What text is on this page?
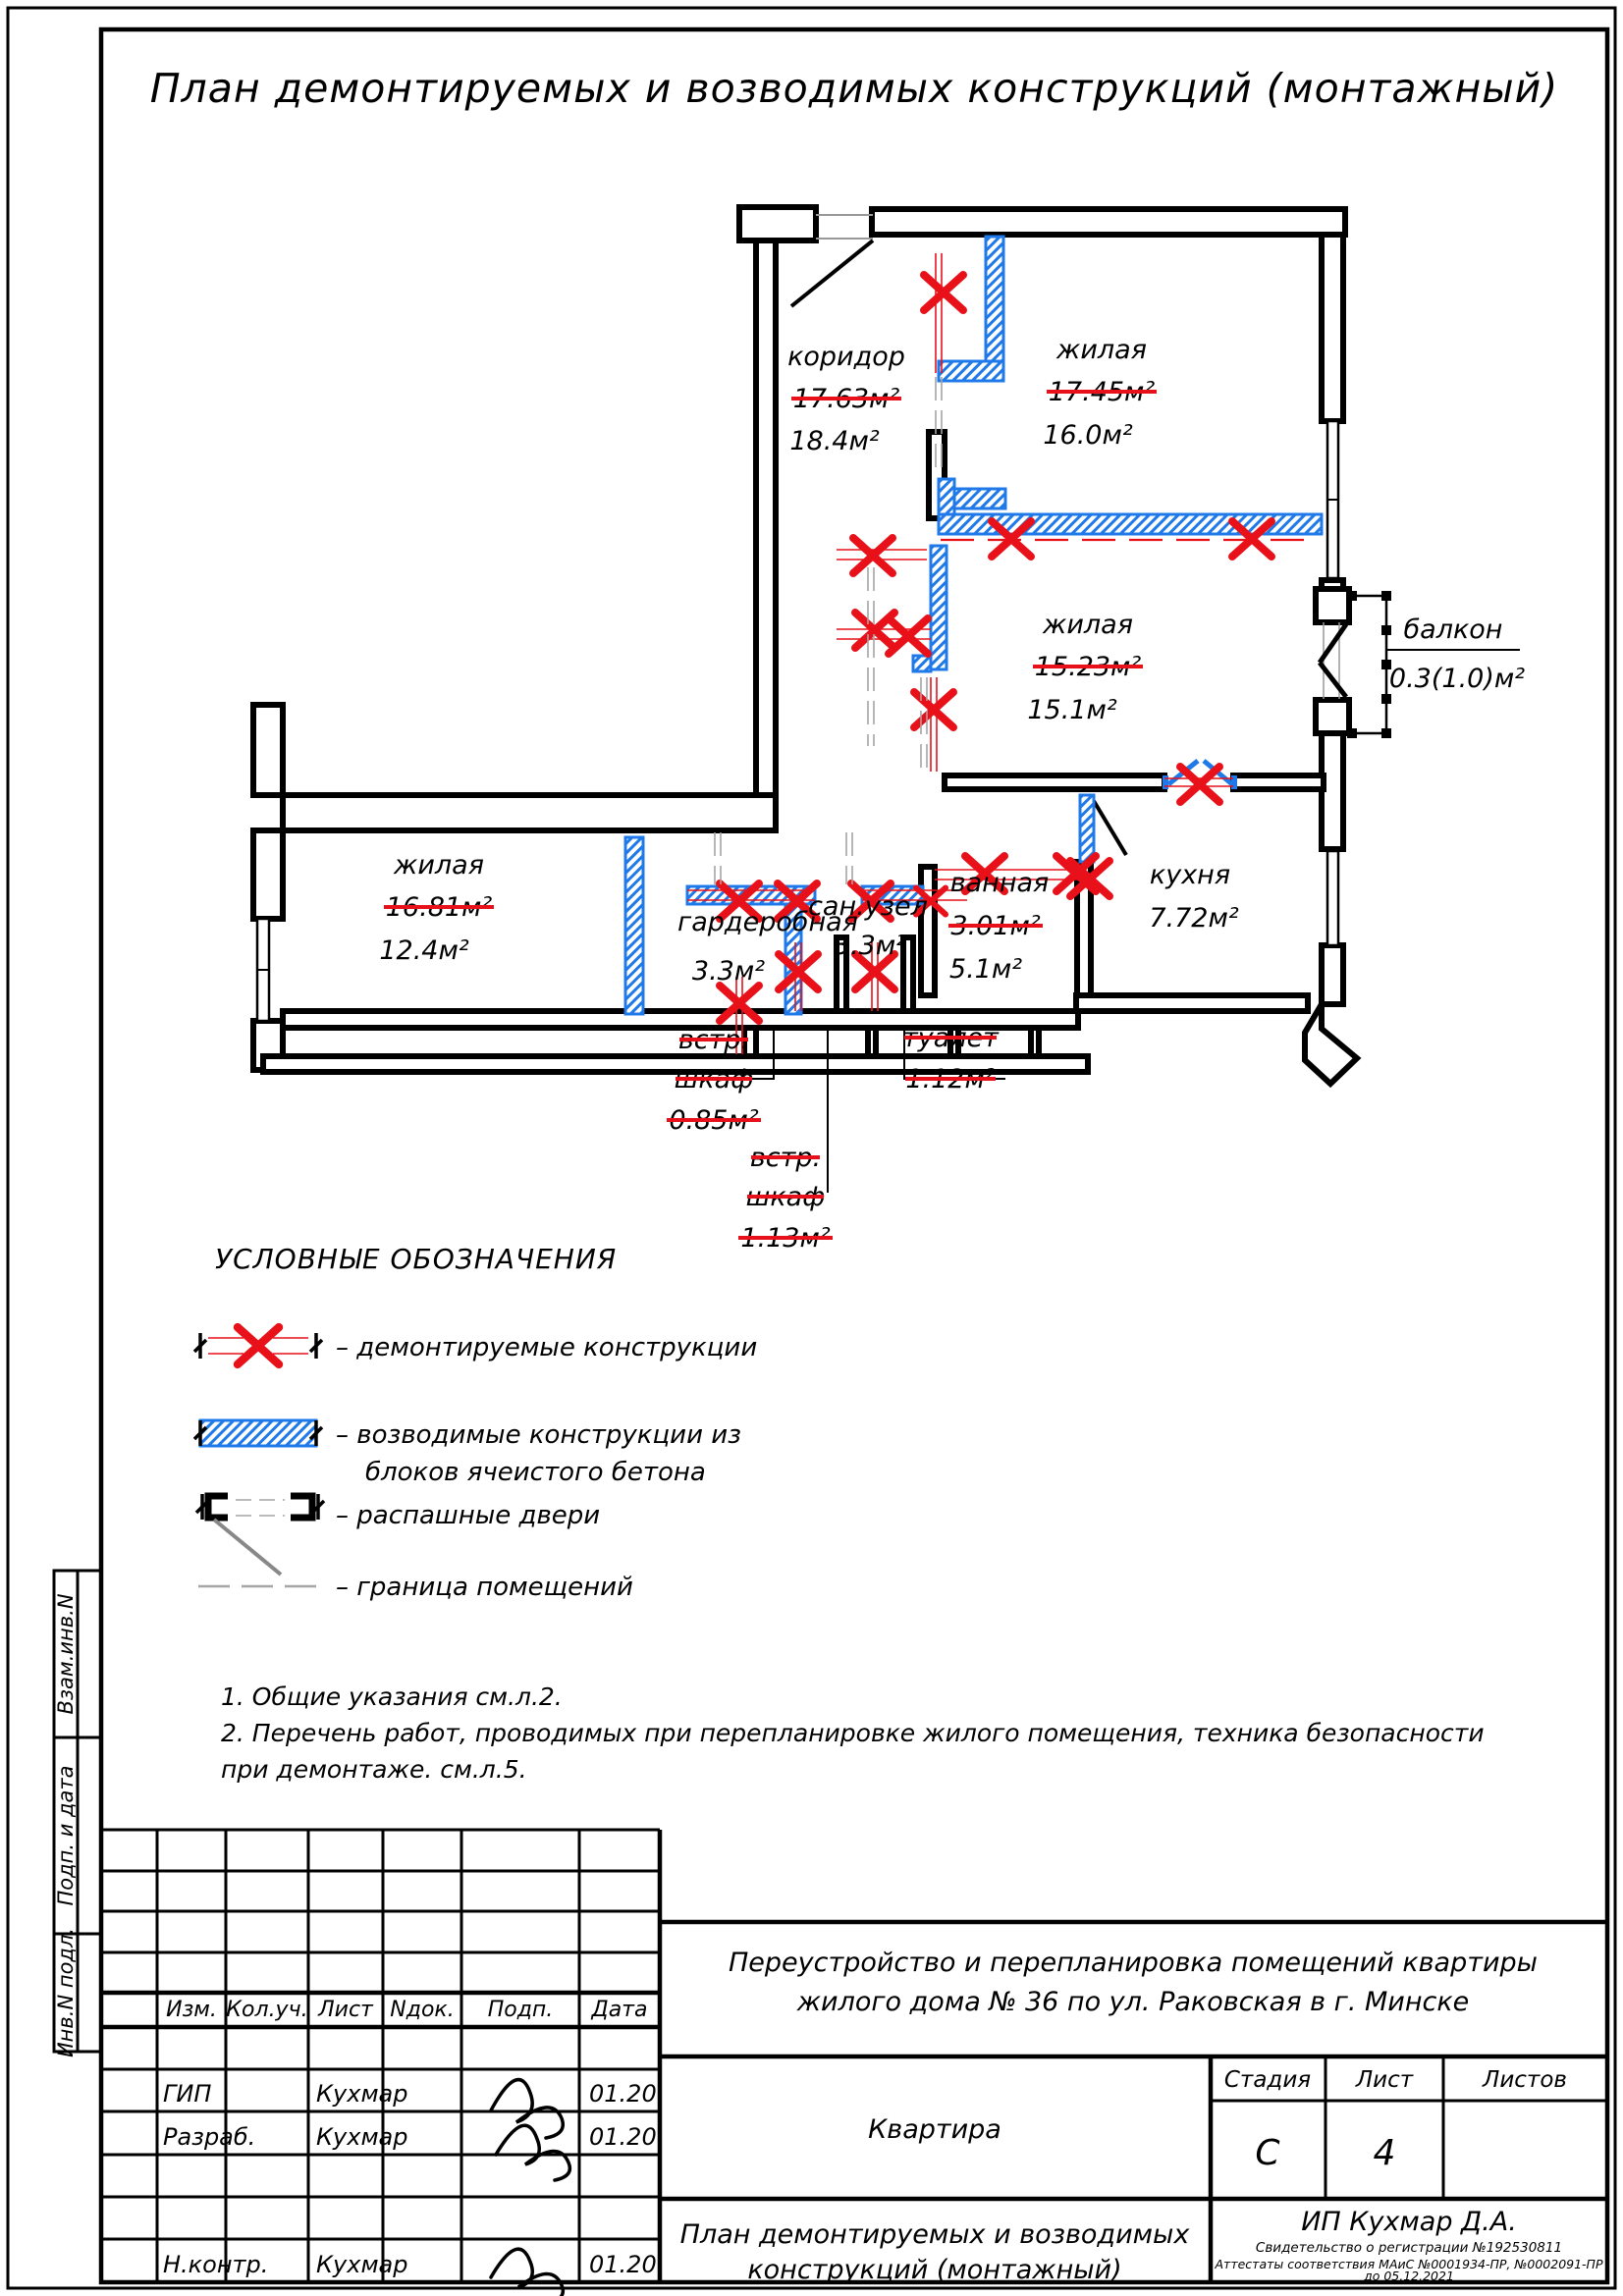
План демонтируемых и возводимых конструкций (монтажный)
коридор
17.63м²
18.4м²
жилая
17.45м²
16.0м²
жилая
15.23м²
15.1м²
балкон
0.3(1.0)м²
жилая
16.81м²
12.4м²
гардеробная
3.3м²
сан.узел
3.3м²
ванная
3.01м²
5.1м²
кухня
7.72м²
встр.
шкаф
0.85м²
туалет
1.12м²
встр.
шкаф
1.13м²
УСЛОВНЫЕ ОБОЗНАЧЕНИЯ
– демонтируемые конструкции
– возводимые конструкции из
блоков ячеистого бетона
– распашные двери
– граница помещений
1. Общие указания см.л.2.
2. Перечень работ, проводимых при перепланировке жилого помещения, техника безопасности
при демонтаже. см.л.5.
Изм. Кол.уч. Лист Nдок. Подп. Дата
ГИП	Кухмар	01.20
Разраб.	Кухмар	01.20
Н.контр. Кухмар	01.20
Переустройство и перепланировка помещений квартиры
жилого дома № 36 по ул. Раковская в г. Минске
Квартира
Стадия Лист	Листов
С	4
План демонтируемых и возводимых
конструкций (монтажный)
ИП Кухмар Д.А.
Свидетельство о регистрации №192530811
Аттестаты соответствия МАиС №0001934-ПР, №0002091-ПР
до 05.12.2021
Взам.инв.N
Подп. и дата
Инв.N подл.
